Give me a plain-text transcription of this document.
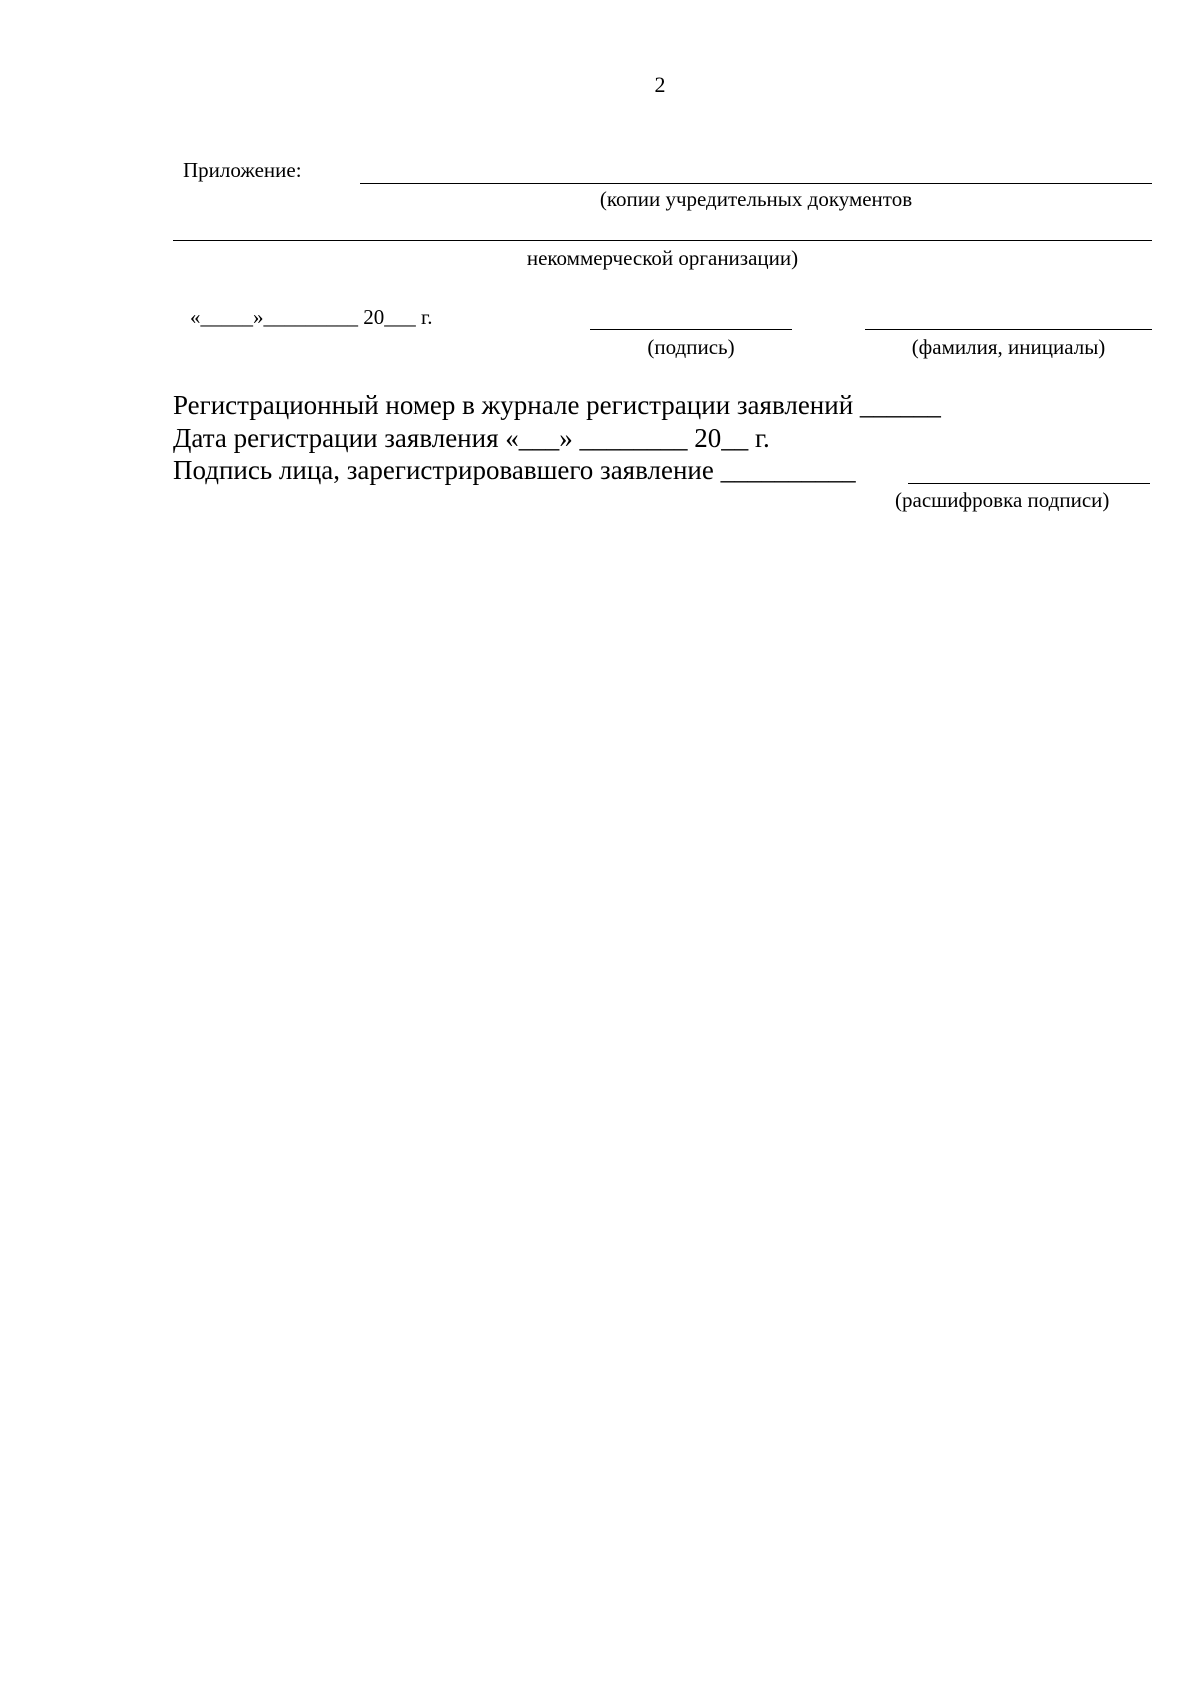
2
Приложение:
(копии учредительных документов
некоммерческой организации)
«_____»_________ 20___ г.
(подпись)	(фамилия, инициалы)
Регистрационный номер в журнале регистрации заявлений ______
Дата регистрации заявления «___» ________ 20__ г.
Подпись лица, зарегистрировавшего заявление __________
(расшифровка подписи)
